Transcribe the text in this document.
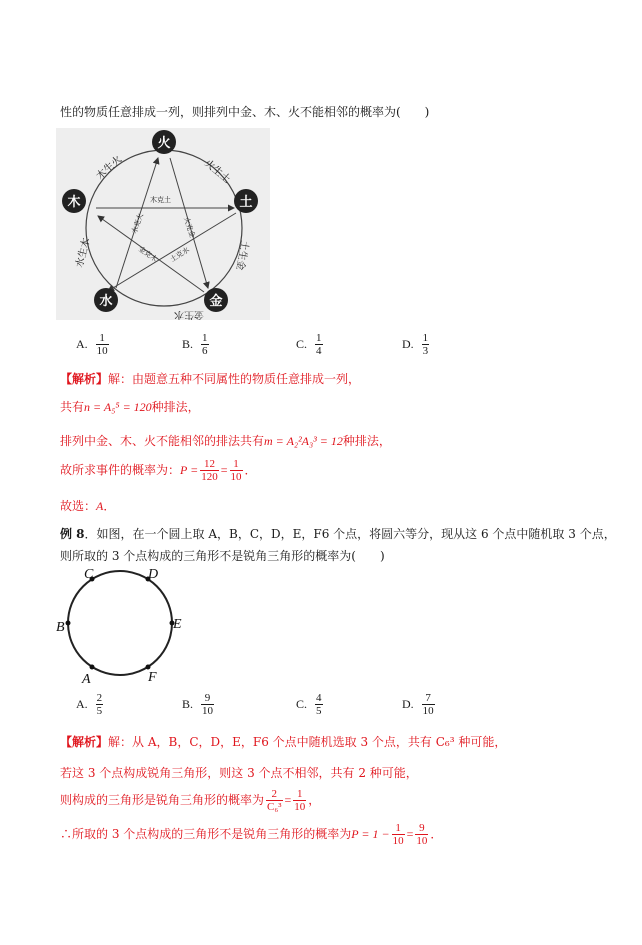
性的物质任意排成一列，则排列中金、木、火不能相邻的概率为(　　)
火
土
金
水
木
火生土
土生金
金生水
水生木
木生火
木克土
水克火	火克金
金克木 土克水
A. $\frac{1}{10}$	B. $\frac{1}{6}$	C. $\frac{1}{4}$	D. $\frac{1}{3}$
【解析】解：由题意五种不同属性的物质任意排成一列，
共有n = A₅⁵ = 120种排法，
排列中金、木、火不能相邻的排法共有m = A₂²A₃³ = 12种排法，
故所求事件的概率为：$P = \frac{12}{120} = \frac{1}{10}$ ．
故选：A．
例 8．如图，在一个圆上取 A，B，C，D，E，F6 个点，将圆六等分，现从这 6 个点中随机取 3 个点，
则所取的 3 个点构成的三角形不是锐角三角形的概率为(　　)
C	D
B	E
A	F
A. $\frac{2}{5}$	B. $\frac{9}{10}$	C. $\frac{4}{5}$	D. $\frac{7}{10}$
【解析】解：从 A，B，C，D，E，F6 个点中随机选取 3 个点，共有 C₆³ 种可能，
若这 3 个点构成锐角三角形，则这 3 个点不相邻，共有 2 种可能，
则构成的三角形是锐角三角形的概率为 $\frac{2}{\text{C₆³}} = \frac{1}{10}$ ，
∴所取的 3 个点构成的三角形不是锐角三角形的概率为$P = 1 - \frac{1}{10} = \frac{9}{10}$ ．
